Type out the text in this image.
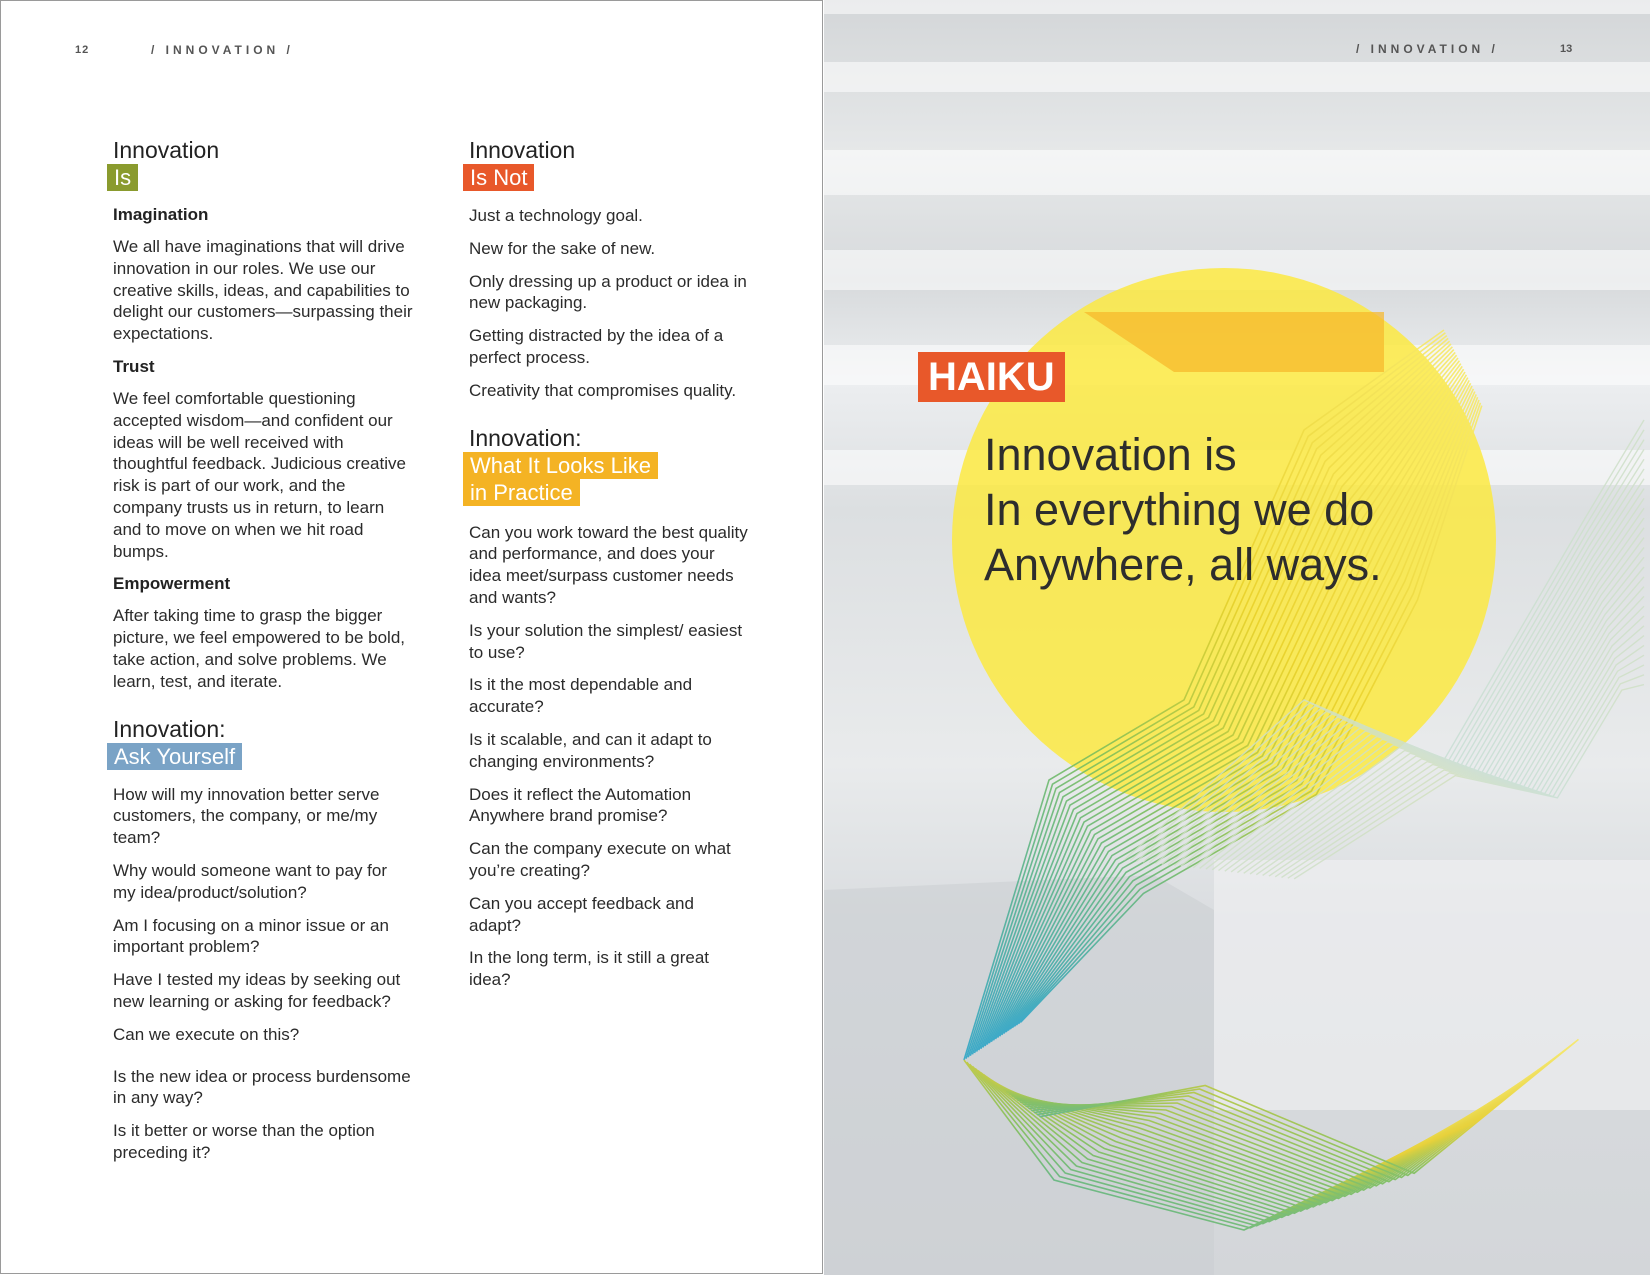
12	/ INNOVATION /
Innovation
Is
Imagination
We all have imaginations that will drive innovation in our roles. We use our creative skills, ideas, and capabilities to delight our customers—surpassing their expectations.
Trust
We feel comfortable questioning accepted wisdom—and confident our ideas will be well received with thoughtful feedback. Judicious creative risk is part of our work, and the company trusts us in return, to learn and to move on when we hit road bumps.
Empowerment
After taking time to grasp the bigger picture, we feel empowered to be bold, take action, and solve problems. We learn, test, and iterate.
Innovation:
Ask Yourself
How will my innovation better serve customers, the company, or me/my team?
Why would someone want to pay for my idea/product/solution?
Am I focusing on a minor issue or an important problem?
Have I tested my ideas by seeking out new learning or asking for feedback?
Can we execute on this?
Is the new idea or process burdensome in any way?
Is it better or worse than the option preceding it?
Innovation
Is Not
Just a technology goal.
New for the sake of new.
Only dressing up a product or idea in new packaging.
Getting distracted by the idea of a perfect process.
Creativity that compromises quality.
Innovation:
What It Looks Like
in Practice
Can you work toward the best quality and performance, and does your idea meet/surpass customer needs and wants?
Is your solution the simplest/ easiest to use?
Is it the most dependable and accurate?
Is it scalable, and can it adapt to changing environments?
Does it reflect the Automation Anywhere brand promise?
Can the company execute on what you’re creating?
Can you accept feedback and adapt?
In the long term, is it still a great idea?
/ INNOVATION /	13
HAIKU
Innovation is
In everything we do
Anywhere, all ways.
